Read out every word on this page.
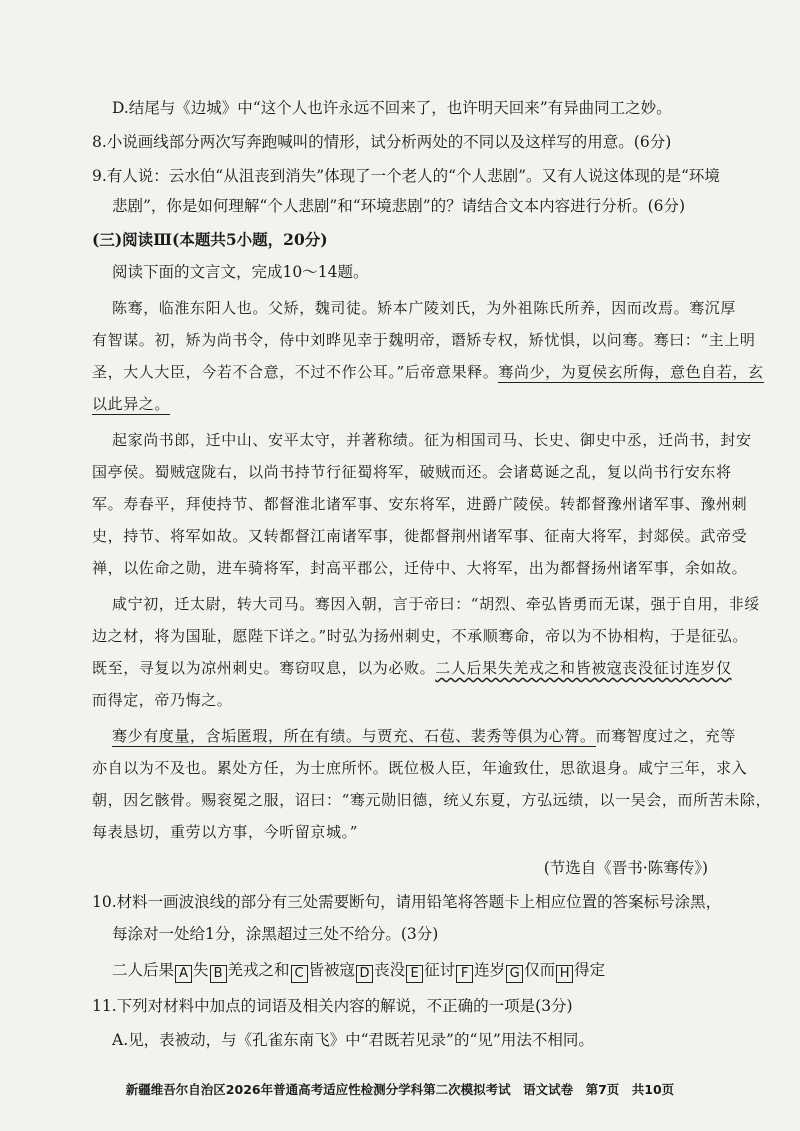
D.结尾与《边城》中“这个人也许永远不回来了，也许明天回来”有异曲同工之妙。
8.小说画线部分两次写奔跑喊叫的情形，试分析两处的不同以及这样写的用意。(6分)
9.有人说：云水伯“从沮丧到消失”体现了一个老人的“个人悲剧”。又有人说这体现的是“环境
悲剧”，你是如何理解“个人悲剧”和“环境悲剧”的？请结合文本内容进行分析。(6分)
(三)阅读Ⅲ(本题共5小题，20分)
阅读下面的文言文，完成10～14题。
陈骞，临淮东阳人也。父矫，魏司徒。矫本广陵刘氏，为外祖陈氏所养，因而改焉。骞沉厚
有智谋。初，矫为尚书令，侍中刘晔见幸于魏明帝，谮矫专权，矫忧惧，以问骞。骞曰：“主上明
圣，大人大臣，今若不合意，不过不作公耳。”后帝意果释。骞尚少，为夏侯玄所侮，意色自若，玄
以此异之。
起家尚书郎，迁中山、安平太守，并著称绩。征为相国司马、长史、御史中丞，迁尚书，封安
国亭侯。蜀贼寇陇右，以尚书持节行征蜀将军，破贼而还。会诸葛诞之乱，复以尚书行安东将
军。寿春平，拜使持节、都督淮北诸军事、安东将军，进爵广陵侯。转都督豫州诸军事、豫州刺
史，持节、将军如故。又转都督江南诸军事，徙都督荆州诸军事、征南大将军，封郯侯。武帝受
禅，以佐命之勋，进车骑将军，封高平郡公，迁侍中、大将军，出为都督扬州诸军事，余如故。
咸宁初，迁太尉，转大司马。骞因入朝，言于帝曰：“胡烈、牵弘皆勇而无谋，强于自用，非绥
边之材，将为国耻，愿陛下详之。”时弘为扬州刺史，不承顺骞命，帝以为不协相构，于是征弘。
既至，寻复以为凉州刺史。骞窃叹息，以为必败。二人后果失羌戎之和皆被寇丧没征讨连岁仅
而得定，帝乃悔之。
骞少有度量，含垢匿瑕，所在有绩。与贾充、石苞、裴秀等俱为心膂。而骞智度过之，充等
亦自以为不及也。累处方任，为士庶所怀。既位极人臣，年逾致仕，思欲退身。咸宁三年，求入
朝，因乞骸骨。赐衮冕之服，诏曰：“骞元勋旧德，统乂东夏，方弘远绩，以一吴会，而所苦未除，
每表恳切，重劳以方事，今听留京城。”
(节选自《晋书·陈骞传》)
10.材料一画波浪线的部分有三处需要断句，请用铅笔将答题卡上相应位置的答案标号涂黑，
每涂对一处给1分，涂黑超过三处不给分。(3分)
二人后果 A 失 B 羌戎之和 C 皆被寇 D 丧没 E 征讨 F 连岁 G 仅而 H 得定
11.下列对材料中加点的词语及相关内容的解说，不正确的一项是(3分)
A.见，表被动，与《孔雀东南飞》中“君既若见录”的“见”用法不相同。
新疆维吾尔自治区2026年普通高考适应性检测分学科第二次模拟考试　语文试卷　第7页　共10页
